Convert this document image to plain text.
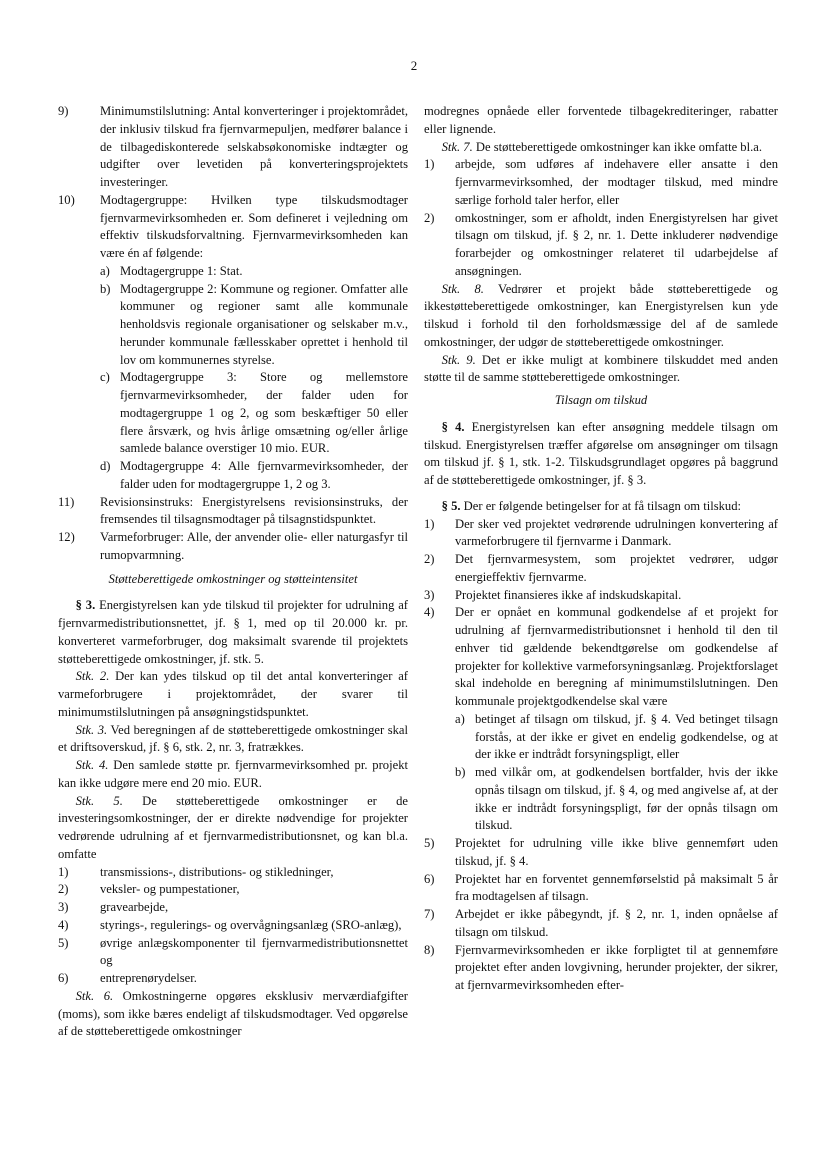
2
9)	Minimumstilslutning: Antal konverteringer i projektområdet, der inklusiv tilskud fra fjernvarmepuljen, medfører balance i de tilbagediskonterede selskabsøkonomiske indtægter og udgifter over levetiden på konverteringsprojektets investeringer.
10)	Modtagergruppe: Hvilken type tilskudsmodtager fjernvarmevirksomheden er. Som defineret i vejledning om effektiv tilskudsforvaltning. Fjernvarmevirksomheden kan være én af følgende:

a) Modtagergruppe 1: Stat.
b) Modtagergruppe 2: Kommune og regioner. Omfatter alle kommuner og regioner samt alle kommunale henholdsvis regionale organisationer og selskaber m.v., herunder kommunale fællesskaber oprettet i henhold til lov om kommunernes styrelse.
c) Modtagergruppe 3: Store og mellemstore fjernvarmevirksomheder, der falder uden for modtagergruppe 1 og 2, og som beskæftiger 50 eller flere årsværk, og hvis årlige omsætning og/eller årlige samlede balance overstiger 10 mio. EUR.
d) Modtagergruppe 4: Alle fjernvarmevirksomheder, der falder uden for modtagergruppe 1, 2 og 3.
11)	Revisionsinstruks: Energistyrelsens revisionsinstruks, der fremsendes til tilsagnsmodtager på tilsagnstidspunktet.
12)	Varmeforbruger: Alle, der anvender olie- eller naturgasfyr til rumopvarmning.

Støtteberettigede omkostninger og støtteintensitet

§ 3. Energistyrelsen kan yde tilskud til projekter for udrulning af fjernvarmedistributionsnettet, jf. § 1, med op til 20.000 kr. pr. konverteret varmeforbruger, dog maksimalt svarende til projektets støtteberettigede omkostninger, jf. stk. 5.

Stk. 2. Der kan ydes tilskud op til det antal konverteringer af varmeforbrugere i projektområdet, der svarer til minimumstilslutningen på ansøgningstidspunktet.

Stk. 3. Ved beregningen af de støtteberettigede omkostninger skal et driftsoverskud, jf. § 6, stk. 2, nr. 3, fratrækkes.

Stk. 4. Den samlede støtte pr. fjernvarmevirksomhed pr. projekt kan ikke udgøre mere end 20 mio. EUR.

Stk. 5. De støtteberettigede omkostninger er de investeringsomkostninger, der er direkte nødvendige for projekter vedrørende udrulning af et fjernvarmedistributionsnet, og kan bl.a. omfatte

1)	transmissions-, distributions- og stikledninger,
2)	veksler- og pumpestationer,
3)	gravearbejde,
4)	styrings-, regulerings- og overvågningsanlæg (SRO-anlæg),
5)	øvrige anlægskomponenter til fjernvarmedistributionsnettet og
6)	entreprenørydelser.

Stk. 6. Omkostningerne opgøres eksklusiv merværdiafgifter (moms), som ikke bæres endeligt af tilskudsmodtager. Ved opgørelse af de støtteberettigede omkostninger

modregnes opnåede eller forventede tilbagekrediteringer, rabatter eller lignende.

Stk. 7. De støtteberettigede omkostninger kan ikke omfatte bl.a.

1)	arbejde, som udføres af indehavere eller ansatte i den fjernvarmevirksomhed, der modtager tilskud, med mindre særlige forhold taler herfor, eller
2)	omkostninger, som er afholdt, inden Energistyrelsen har givet tilsagn om tilskud, jf. § 2, nr. 1. Dette inkluderer nødvendige forarbejder og omkostninger relateret til udarbejdelse af ansøgningen.

Stk. 8. Vedrører et projekt både støtteberettigede og ikkestøtteberettigede omkostninger, kan Energistyrelsen kun yde tilskud i forhold til den forholdsmæssige del af de samlede omkostninger, der udgør de støtteberettigede omkostninger.

Stk. 9. Det er ikke muligt at kombinere tilskuddet med anden støtte til de samme støtteberettigede omkostninger.

Tilsagn om tilskud

§ 4. Energistyrelsen kan efter ansøgning meddele tilsagn om tilskud. Energistyrelsen træffer afgørelse om ansøgninger om tilsagn om tilskud jf. § 1, stk. 1-2. Tilskudsgrundlaget opgøres på baggrund af de støtteberettigede omkostninger, jf. § 3.

§ 5. Der er følgende betingelser for at få tilsagn om tilskud:

1)	Der sker ved projektet vedrørende udrulningen konvertering af varmeforbrugere til fjernvarme i Danmark.
2)	Det fjernvarmesystem, som projektet vedrører, udgør energieffektiv fjernvarme.
3)	Projektet finansieres ikke af indskudskapital.
4)	Der er opnået en kommunal godkendelse af et projekt for udrulning af fjernvarmedistributionsnet i henhold til den til enhver tid gældende bekendtgørelse om godkendelse af projekter for kollektive varmeforsyningsanlæg. Projektforslaget skal indeholde en beregning af minimumstilslutningen. Den kommunale projektgodkendelse skal være

a) betinget af tilsagn om tilskud, jf. § 4. Ved betinget tilsagn forstås, at der ikke er givet en endelig godkendelse, og at der ikke er indtrådt forsyningspligt, eller
b) med vilkår om, at godkendelsen bortfalder, hvis der ikke opnås tilsagn om tilskud, jf. § 4, og med angivelse af, at der ikke er indtrådt forsyningspligt, før der opnås tilsagn om tilskud.
5)	Projektet for udrulning ville ikke blive gennemført uden tilskud, jf. § 4.
6)	Projektet har en forventet gennemførselstid på maksimalt 5 år fra modtagelsen af tilsagn.
7)	Arbejdet er ikke påbegyndt, jf. § 2, nr. 1, inden opnåelse af tilsagn om tilskud.
8)	Fjernvarmevirksomheden er ikke forpligtet til at gennemføre projektet efter anden lovgivning, herunder projekter, der sikrer, at fjernvarmevirksomheden efter-
